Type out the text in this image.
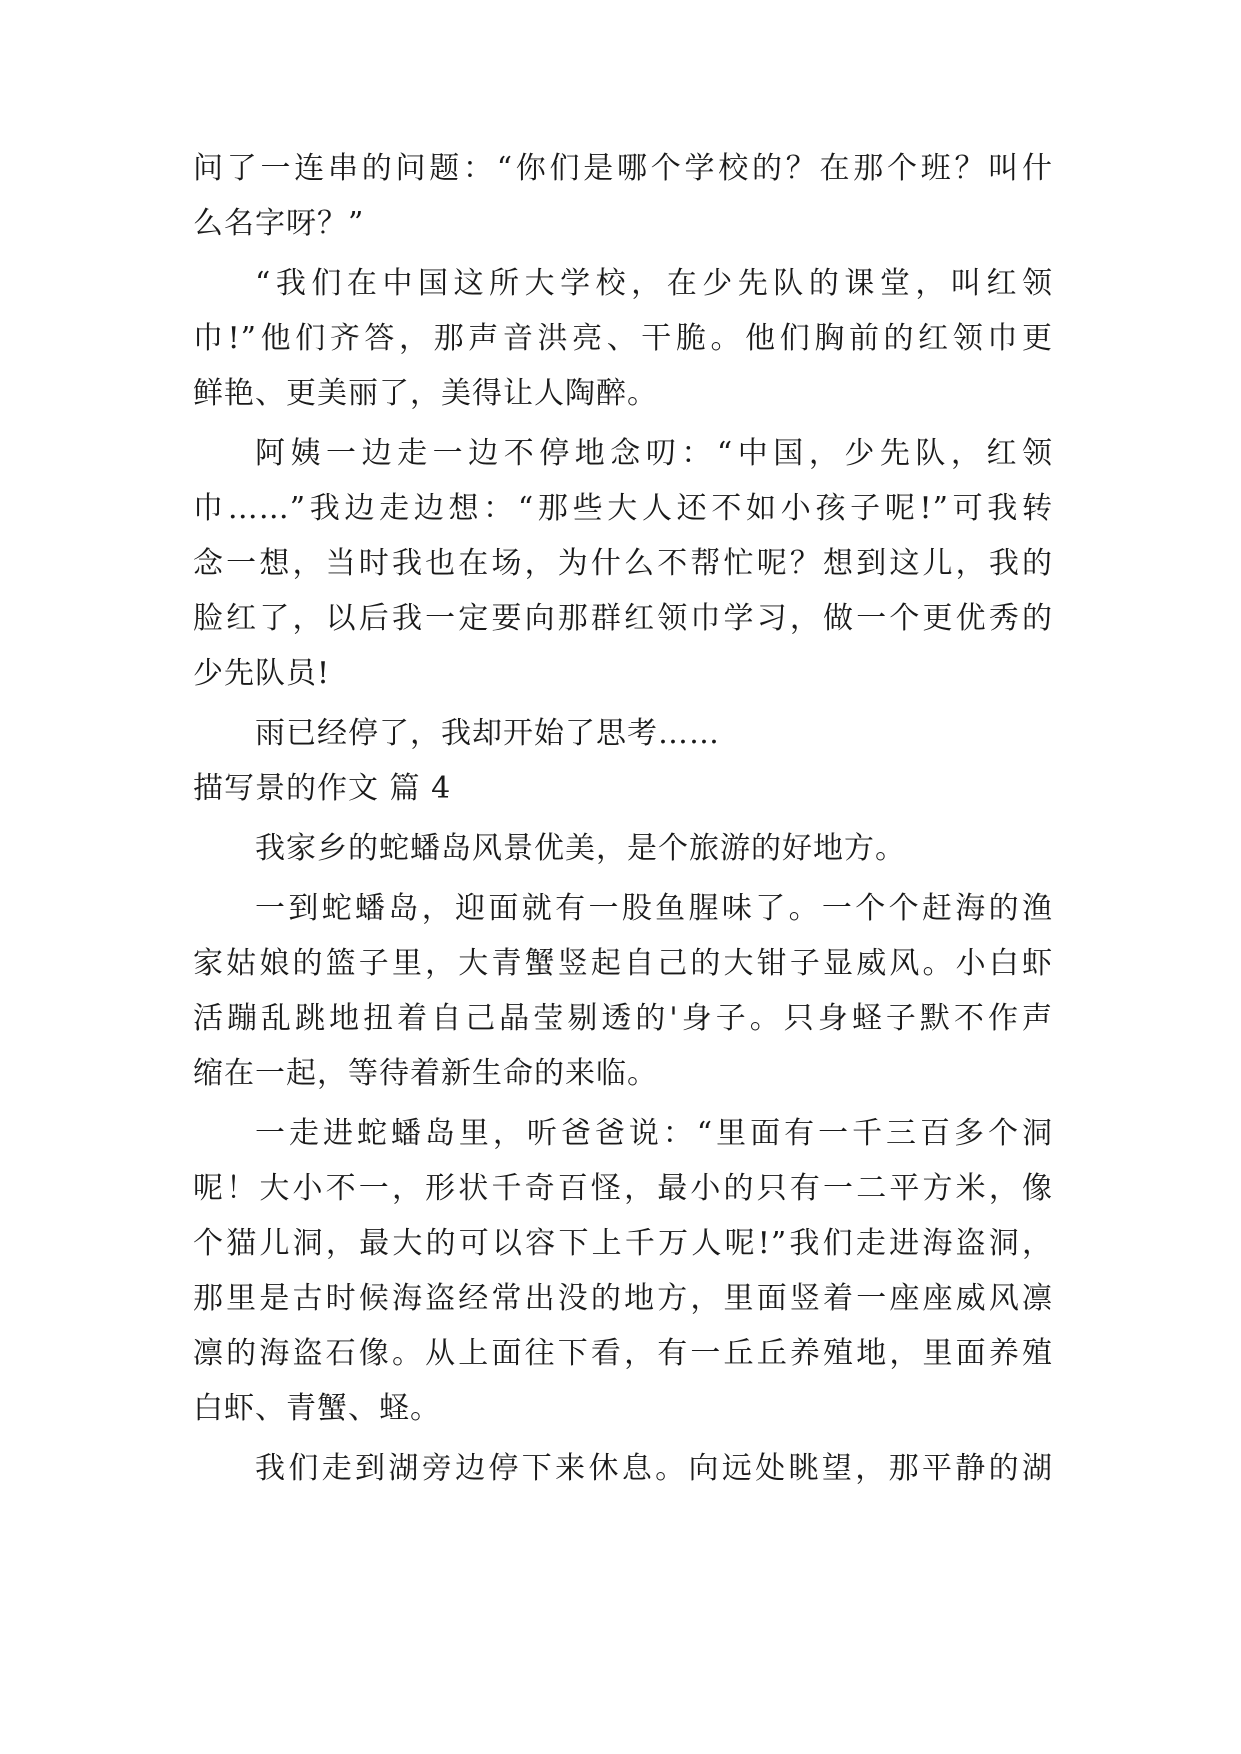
问了一连串的问题：“你们是哪个学校的？在那个班？叫什
么名字呀？”
“我们在中国这所大学校，在少先队的课堂，叫红领
巾!”他们齐答，那声音洪亮、干脆。他们胸前的红领巾更
鲜艳、更美丽了，美得让人陶醉。
阿姨一边走一边不停地念叨：“中国，少先队，红领
巾……”我边走边想：“那些大人还不如小孩子呢!”可我转
念一想，当时我也在场，为什么不帮忙呢？想到这儿，我的
脸红了，以后我一定要向那群红领巾学习，做一个更优秀的
少先队员!
雨已经停了，我却开始了思考……
描写景的作文 篇 4
我家乡的蛇蟠岛风景优美，是个旅游的好地方。
一到蛇蟠岛，迎面就有一股鱼腥味了。一个个赶海的渔
家姑娘的篮子里，大青蟹竖起自己的大钳子显威风。小白虾
活蹦乱跳地扭着自己晶莹剔透的'身子。只身蛏子默不作声
缩在一起，等待着新生命的来临。
一走进蛇蟠岛里，听爸爸说：“里面有一千三百多个洞
呢！大小不一，形状千奇百怪，最小的只有一二平方米，像
个猫儿洞，最大的可以容下上千万人呢!”我们走进海盗洞，
那里是古时候海盗经常出没的地方，里面竖着一座座威风凛
凛的海盗石像。从上面往下看，有一丘丘养殖地，里面养殖
白虾、青蟹、蛏。
我们走到湖旁边停下来休息。向远处眺望，那平静的湖
